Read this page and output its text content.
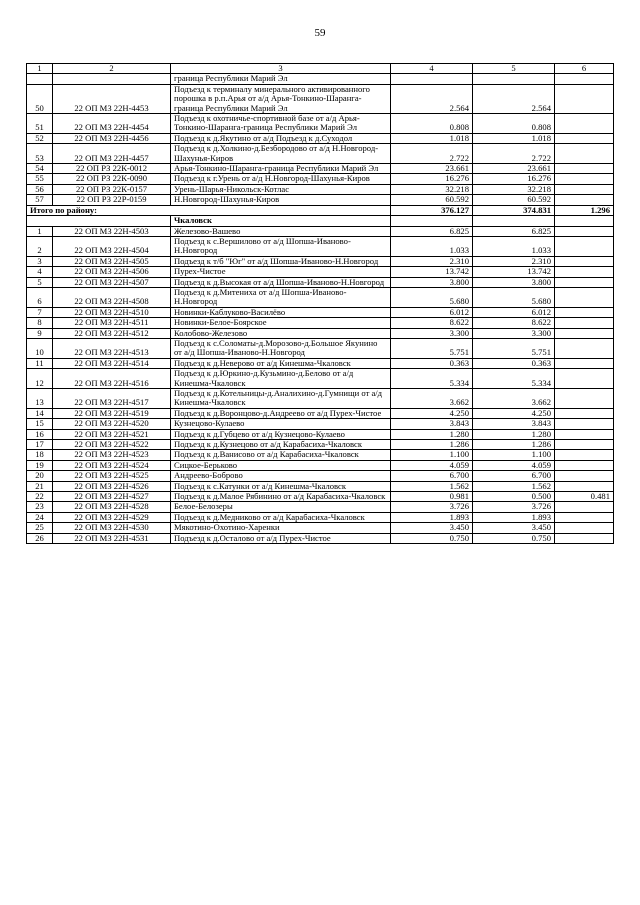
59
1	2	3	4	5	6
		граница Республики Марий Эл			
50	22 ОП МЗ 22Н-4453	Подъезд к терминалу минерального активированного порошка в р.п.Арья от а/д Арья-Тонкино-Шаранга-граница Республики Марий Эл	2.564	2.564	
51	22 ОП МЗ 22Н-4454	Подъезд к охотничье-спортивной базе от а/д Арья-Тонкино-Шаранга-граница Республики Марий Эл	0.808	0.808	
52	22 ОП МЗ 22Н-4456	Подъезд к д.Якутино от а/д Подъезд к д.Суходол	1.018	1.018	
53	22 ОП МЗ 22Н-4457	Подъезд к д.Холкино-д.Безбородово от а/д Н.Новгород-Шахунья-Киров	2.722	2.722	
54	22 ОП РЗ 22К-0012	Арья-Тонкино-Шаранга-граница Республики Марий Эл	23.661	23.661	
55	22 ОП РЗ 22К-0090	Подъезд к г.Урень от а/д Н.Новгород-Шахунья-Киров	16.276	16.276	
56	22 ОП РЗ 22К-0157	Урень-Шарья-Никольск-Котлас	32.218	32.218	
57	22 ОП РЗ 22Р-0159	Н.Новгород-Шахунья-Киров	60.592	60.592	
Итого по району:			376.127	374.831	1.296
		Чкаловск			
1	22 ОП МЗ 22Н-4503	Железово-Вашевo	6.825	6.825	
2	22 ОП МЗ 22Н-4504	Подъезд к с.Вершилово от а/д Шопша-Иваново-Н.Новгород	1.033	1.033	
3	22 ОП МЗ 22Н-4505	Подъезд к т/б "Юг" от а/д Шопша-Иваново-Н.Новгород	2.310	2.310	
4	22 ОП МЗ 22Н-4506	Пурех-Чистое	13.742	13.742	
5	22 ОП МЗ 22Н-4507	Подъезд к д.Высокая от а/д Шопша-Иваново-Н.Новгород	3.800	3.800	
6	22 ОП МЗ 22Н-4508	Подъезд к д.Митениха от а/д Шопша-Иваново-Н.Новгород	5.680	5.680	
7	22 ОП МЗ 22Н-4510	Новинки-Каблуково-Василёво	6.012	6.012	
8	22 ОП МЗ 22Н-4511	Новинки-Белое-Боярское	8.622	8.622	
9	22 ОП МЗ 22Н-4512	Колобово-Железово	3.300	3.300	
10	22 ОП МЗ 22Н-4513	Подъезд к с.Соломаты-д.Морозово-д.Большое Якунино от а/д Шопша-Иваново-Н.Новгород	5.751	5.751	
11	22 ОП МЗ 22Н-4514	Подъезд к д.Неверово от а/д Кинешма-Чкаловск	0.363	0.363	
12	22 ОП МЗ 22Н-4516	Подъезд к д.Юркино-д.Кузьмино-д.Белово от а/д Кинешма-Чкаловск	5.334	5.334	
13	22 ОП МЗ 22Н-4517	Подъезд к д.Котельницы-д.Аналихино-д.Гумнищи от а/д Кинешма-Чкаловск	3.662	3.662	
14	22 ОП МЗ 22Н-4519	Подъезд к д.Воронцово-д.Андреево от а/д Пурех-Чистое	4.250	4.250	
15	22 ОП МЗ 22Н-4520	Кузнецово-Кулаево	3.843	3.843	
16	22 ОП МЗ 22Н-4521	Подъезд к д.Губцево от а/д Кузнецово-Кулаево	1.280	1.280	
17	22 ОП МЗ 22Н-4522	Подъезд к д.Кузнецово от а/д Карабасиха-Чкаловск	1.286	1.286	
18	22 ОП МЗ 22Н-4523	Подъезд к д.Ванисово от а/д Карабасиха-Чкаловск	1.100	1.100	
19	22 ОП МЗ 22Н-4524	Сицкое-Берьково	4.059	4.059	
20	22 ОП МЗ 22Н-4525	Андреево-Боброво	6.700	6.700	
21	22 ОП МЗ 22Н-4526	Подъезд к с.Катунки от а/д Кинешма-Чкаловск	1.562	1.562	
22	22 ОП МЗ 22Н-4527	Подъезд к д.Малое Рябинино от а/д Карабасиха-Чкаловск	0.981	0.500	0.481
23	22 ОП МЗ 22Н-4528	Белое-Белозеры	3.726	3.726	
24	22 ОП МЗ 22Н-4529	Подъезд к д.Медниково от а/д Карабасиха-Чкаловск	1.893	1.893	
25	22 ОП МЗ 22Н-4530	Мякотино-Охотино-Харенки	3.450	3.450	
26	22 ОП МЗ 22Н-4531	Подъезд к д.Осталово от а/д Пурех-Чистое	0.750	0.750	
